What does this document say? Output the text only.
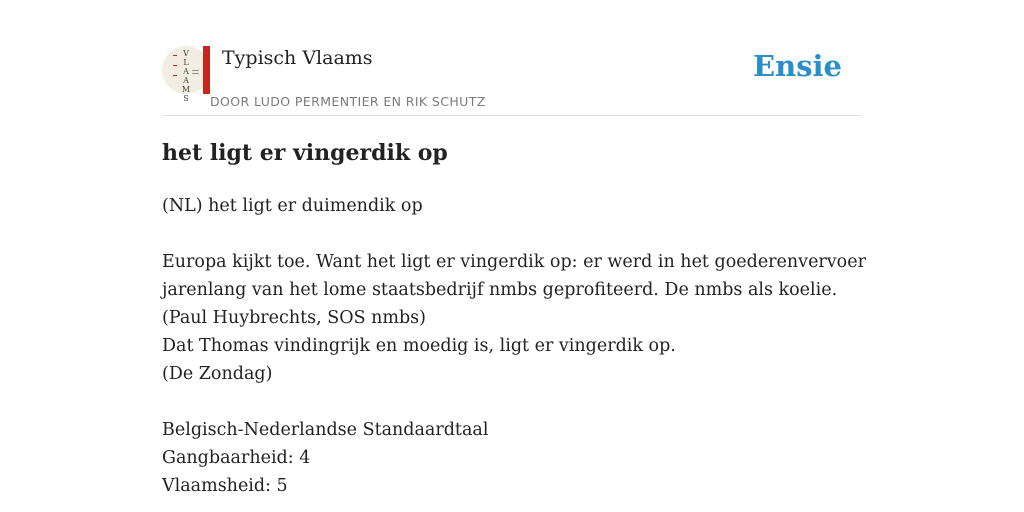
V
L
A
A
M
S
Typisch Vlaams
DOOR LUDO PERMENTIER EN RIK SCHUTZ
Ensie
het ligt er vingerdik op
(NL) het ligt er duimendik op
Europa kijkt toe. Want het ligt er vingerdik op: er werd in het goederenvervoer
jarenlang van het lome staatsbedrijf nmbs geprofiteerd. De nmbs als koelie.
(Paul Huybrechts, SOS nmbs)
Dat Thomas vindingrijk en moedig is, ligt er vingerdik op.
(De Zondag)
Belgisch-Nederlandse Standaardtaal
Gangbaarheid: 4
Vlaamsheid: 5
